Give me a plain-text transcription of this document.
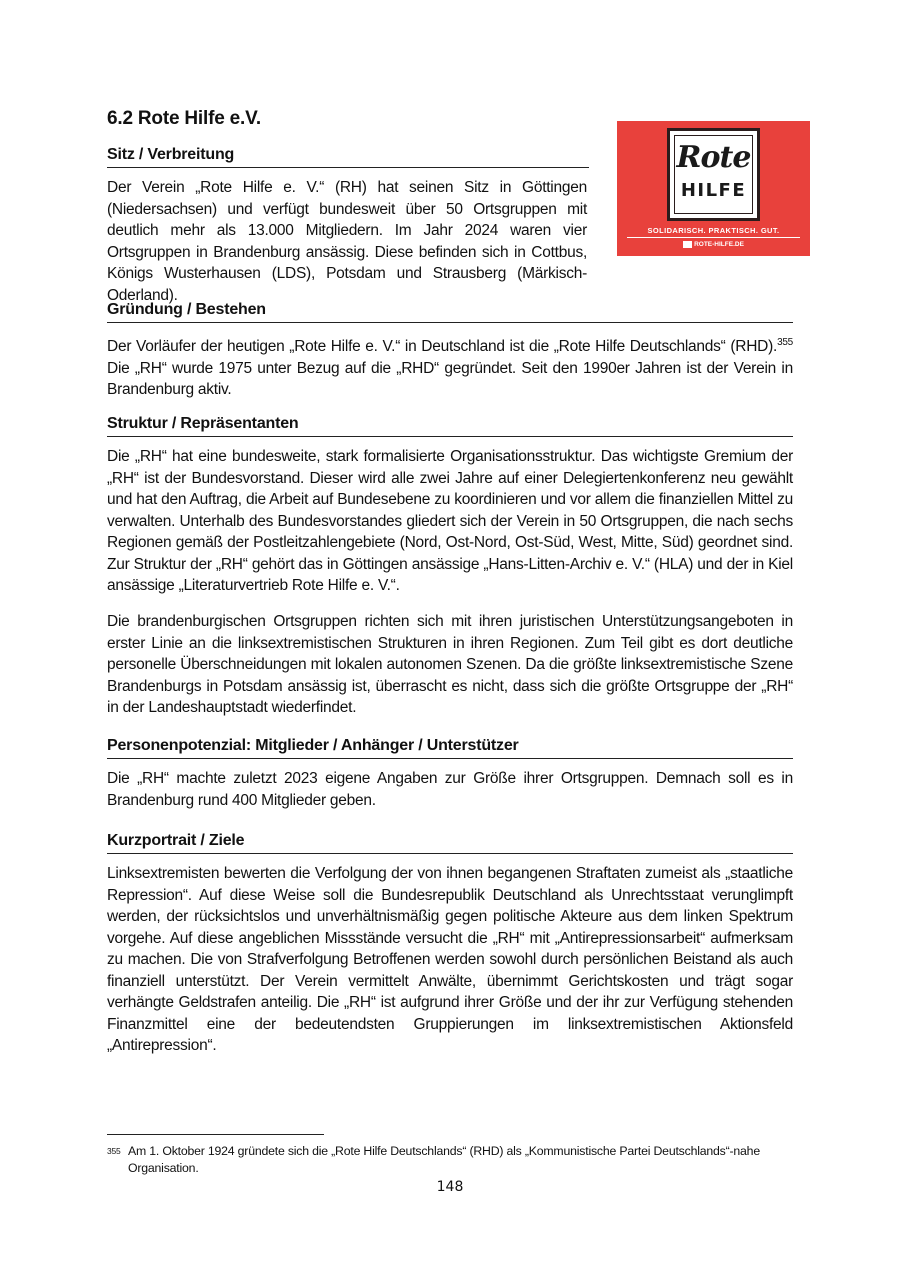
6.2 Rote Hilfe e.V.
Sitz / Verbreitung

Der Verein „Rote Hilfe e. V.“ (RH) hat seinen Sitz in Göttingen (Niedersachsen) und verfügt bundesweit über 50 Ortsgruppen mit deutlich mehr als 13.000 Mitgliedern. Im Jahr 2024 waren vier Ortsgruppen in Brandenburg ansässig. Diese befinden sich in Cottbus, Königs Wusterhausen (LDS), Potsdam und Strausberg (Märkisch-Oderland).

Gründung / Bestehen

Der Vorläufer der heutigen „Rote Hilfe e. V.“ in Deutschland ist die „Rote Hilfe Deutschlands“ (RHD).$^{355}$ Die „RH“ wurde 1975 unter Bezug auf die „RHD“ gegründet. Seit den 1990er Jahren ist der Verein in Brandenburg aktiv.

Struktur / Repräsentanten

Die „RH“ hat eine bundesweite, stark formalisierte Organisationsstruktur. Das wichtigste Gremium der „RH“ ist der Bundesvorstand. Dieser wird alle zwei Jahre auf einer Delegiertenkonferenz neu gewählt und hat den Auftrag, die Arbeit auf Bundesebene zu koordinieren und vor allem die finanziellen Mittel zu verwalten. Unterhalb des Bundesvorstandes gliedert sich der Verein in 50 Ortsgruppen, die nach sechs Regionen gemäß der Postleitzahlengebiete (Nord, Ost-Nord, Ost-Süd, West, Mitte, Süd) geordnet sind. Zur Struktur der „RH“ gehört das in Göttingen ansässige „Hans-Litten-Archiv e. V.“ (HLA) und der in Kiel ansässige „Literaturvertrieb Rote Hilfe e. V.“.

Die brandenburgischen Ortsgruppen richten sich mit ihren juristischen Unterstützungsangeboten in erster Linie an die linksextremistischen Strukturen in ihren Regionen. Zum Teil gibt es dort deutliche personelle Überschneidungen mit lokalen autonomen Szenen. Da die größte linksextremistische Szene Brandenburgs in Potsdam ansässig ist, überrascht es nicht, dass sich die größte Ortsgruppe der „RH“ in der Landeshauptstadt wiederfindet.

Personenpotenzial: Mitglieder / Anhänger / Unterstützer

Die „RH“ machte zuletzt 2023 eigene Angaben zur Größe ihrer Ortsgruppen. Demnach soll es in Brandenburg rund 400 Mitglieder geben.

Kurzportrait / Ziele

Linksextremisten bewerten die Verfolgung der von ihnen begangenen Straftaten zumeist als „staatliche Repression“. Auf diese Weise soll die Bundesrepublik Deutschland als Unrechtsstaat verunglimpft werden, der rücksichtslos und unverhältnismäßig gegen politische Akteure aus dem linken Spektrum vorgehe. Auf diese angeblichen Missstände versucht die „RH“ mit „Antirepressionsarbeit“ aufmerksam zu machen. Die von Strafverfolgung Betroffenen werden sowohl durch persönlichen Beistand als auch finanziell unterstützt. Der Verein vermittelt Anwälte, übernimmt Gerichtskosten und trägt sogar verhängte Geldstrafen anteilig. Die „RH“ ist aufgrund ihrer Größe und der ihr zur Verfügung stehenden Finanzmittel eine der bedeutendsten Gruppierungen im linksextremistischen Aktionsfeld „Antirepression“.

Rote
HILFE
SOLIDARISCH. PRAKTISCH. GUT.
ROTE-HILFE.DE
355 Am 1. Oktober 1924 gründete sich die „Rote Hilfe Deutschlands“ (RHD) als „Kommunistische Partei Deutschlands“-nahe Organisation.
148
